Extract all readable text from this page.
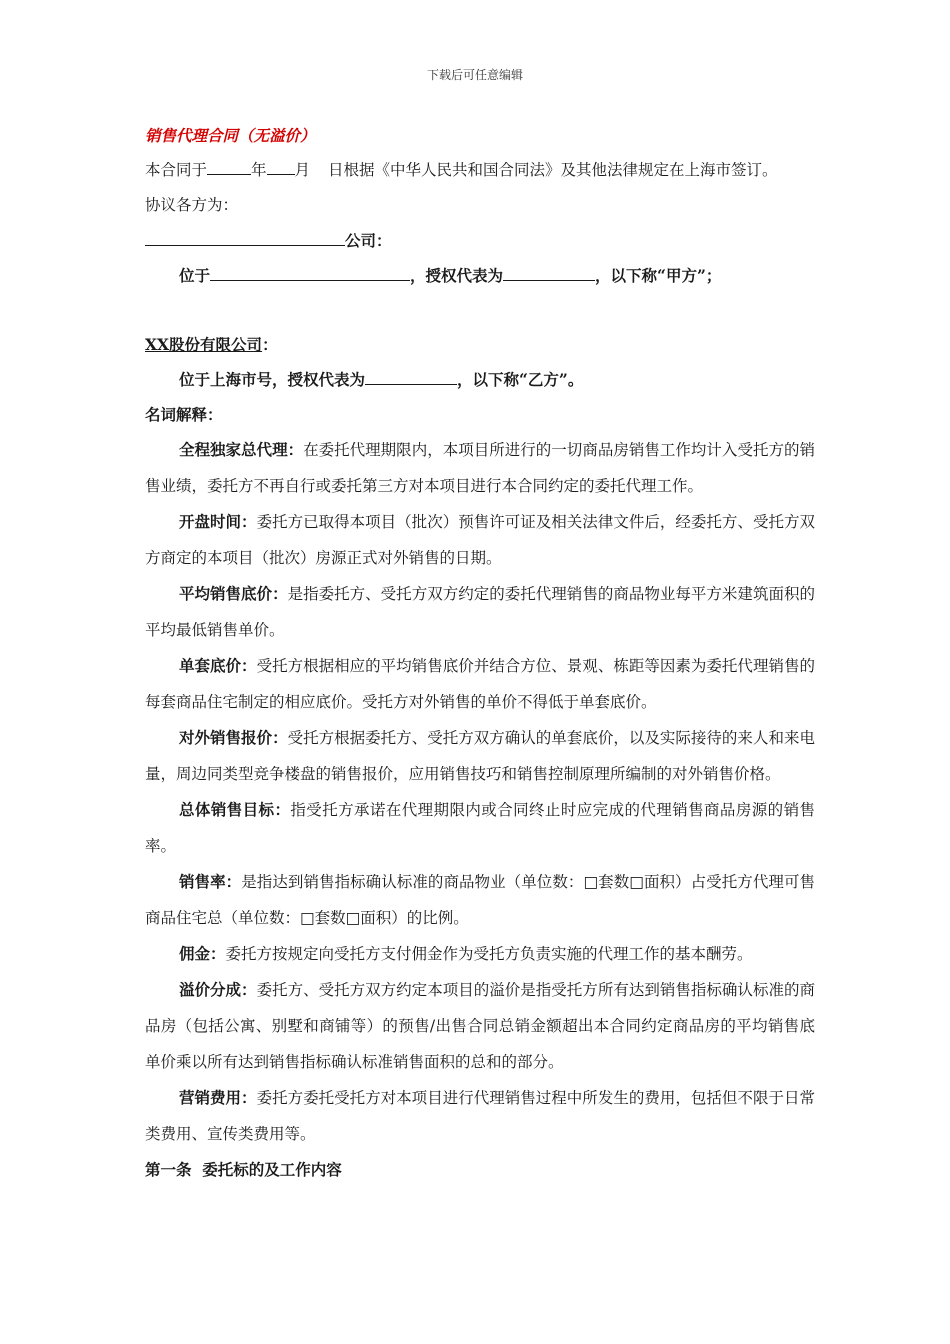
下载后可任意编辑
销售代理合同（无溢价）
本合同于	年 月 日根据《中华人民共和国合同法》及其他法律规定在上海市签订。
协议各方为：
公司：
位于	，授权代表为	，以下称“甲方”；
XX股份有限公司：
位于上海市号，授权代表为	，以下称“乙方”。
名词解释：
全程独家总代理：在委托代理期限内，本项目所进行的一切商品房销售工作均计入受托方的销售业绩，委托方不再自行或委托第三方对本项目进行本合同约定的委托代理工作。
开盘时间：委托方已取得本项目（批次）预售许可证及相关法律文件后，经委托方、受托方双方商定的本项目（批次）房源正式对外销售的日期。
平均销售底价：是指委托方、受托方双方约定的委托代理销售的商品物业每平方米建筑面积的平均最低销售单价。
单套底价：受托方根据相应的平均销售底价并结合方位、景观、栋距等因素为委托代理销售的每套商品住宅制定的相应底价。受托方对外销售的单价不得低于单套底价。
对外销售报价：受托方根据委托方、受托方双方确认的单套底价，以及实际接待的来人和来电量，周边同类型竞争楼盘的销售报价，应用销售技巧和销售控制原理所编制的对外销售价格。
总体销售目标：指受托方承诺在代理期限内或合同终止时应完成的代理销售商品房源的销售率。
销售率：是指达到销售指标确认标准的商品物业（单位数：□套数□面积）占受托方代理可售商品住宅总（单位数：□套数□面积）的比例。
佣金：委托方按规定向受托方支付佣金作为受托方负责实施的代理工作的基本酬劳。
溢价分成：委托方、受托方双方约定本项目的溢价是指受托方所有达到销售指标确认标准的商品房（包括公寓、别墅和商铺等）的预售/出售合同总销金额超出本合同约定商品房的平均销售底单价乘以所有达到销售指标确认标准销售面积的总和的部分。
营销费用：委托方委托受托方对本项目进行代理销售过程中所发生的费用，包括但不限于日常类费用、宣传类费用等。
第一条  委托标的及工作内容
